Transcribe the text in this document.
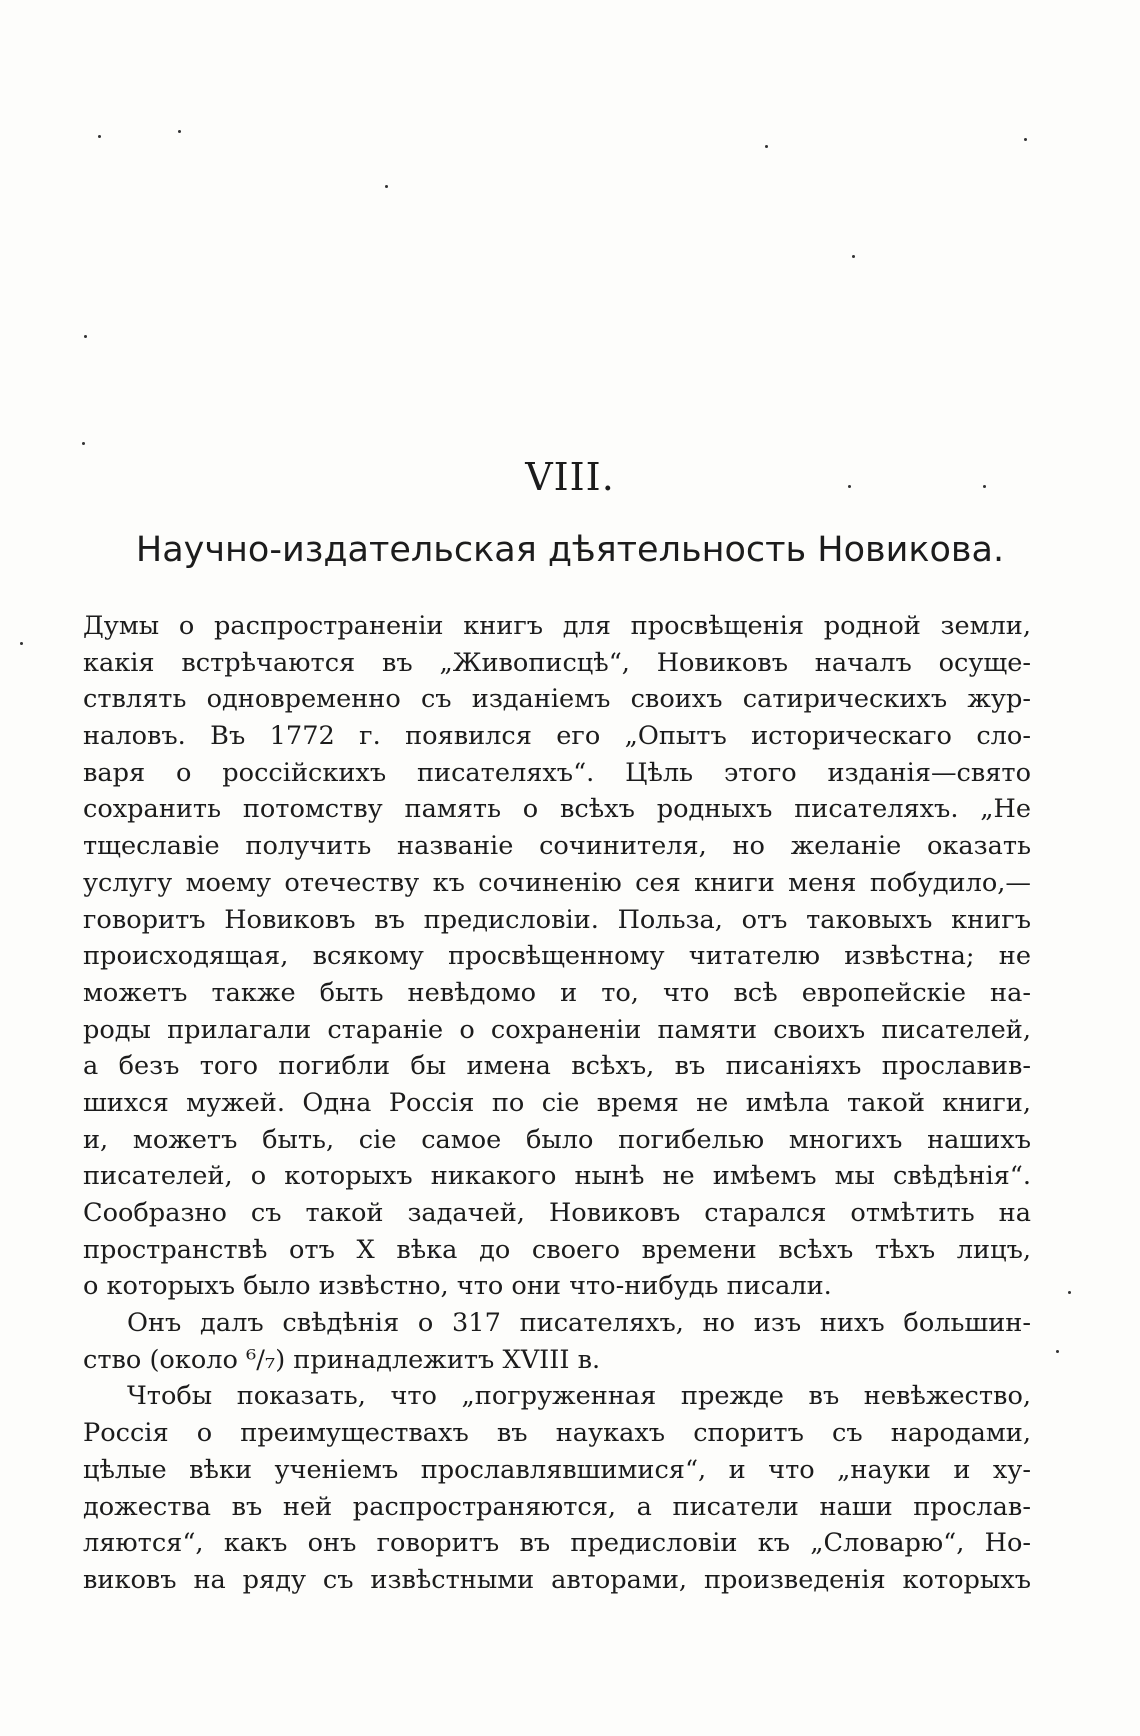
VIII.
Научно-издательская дѣятельность Новикова.
Думы о распространенiи книгъ для просвѣщенiя родной земли,
какiя встрѣчаются въ „Живописцѣ“, Новиковъ началъ осуще-
ствлять одновременно съ изданiемъ своихъ сатирическихъ жур-
наловъ. Въ 1772 г. появился его „Опытъ историческаго сло-
варя о россiйскихъ писателяхъ“. Цѣль этого изданiя—свято
сохранить потомству память о всѣхъ родныхъ писателяхъ. „Не
тщеславiе получить названiе сочинителя, но желанiе оказать
услугу моему отечеству къ сочиненiю сея книги меня побудило,—
говоритъ Новиковъ въ предисловiи. Польза, отъ таковыхъ книгъ
происходящая, всякому просвѣщенному читателю извѣстна; не
можетъ также быть невѣдомо и то, что всѣ европейскiе на-
роды прилагали старанiе о сохраненiи памяти своихъ писателей,
а безъ того погибли бы имена всѣхъ, въ писанiяхъ прославив-
шихся мужей. Одна Россiя по сiе время не имѣла такой книги,
и, можетъ быть, сiе самое было погибелью многихъ нашихъ
писателей, о которыхъ никакого нынѣ не имѣемъ мы свѣдѣнiя“.
Сообразно съ такой задачей, Новиковъ старался отмѣтить на
пространствѣ отъ X вѣка до своего времени всѣхъ тѣхъ лицъ,
о которыхъ было извѣстно, что они что-нибудь писали.
Онъ далъ свѣдѣнiя о 317 писателяхъ, но изъ нихъ большин-
ство (около ⁶/₇) принадлежитъ XVIII в.
Чтобы показать, что „погруженная прежде въ невѣжество,
Россiя о преимуществахъ въ наукахъ споритъ съ народами,
цѣлые вѣки ученiемъ прославлявшимися“, и что „науки и ху-
дожества въ ней распространяются, а писатели наши прослав-
ляются“, какъ онъ говоритъ въ предисловiи къ „Словарю“, Но-
виковъ на ряду съ извѣстными авторами, произведенiя которыхъ
